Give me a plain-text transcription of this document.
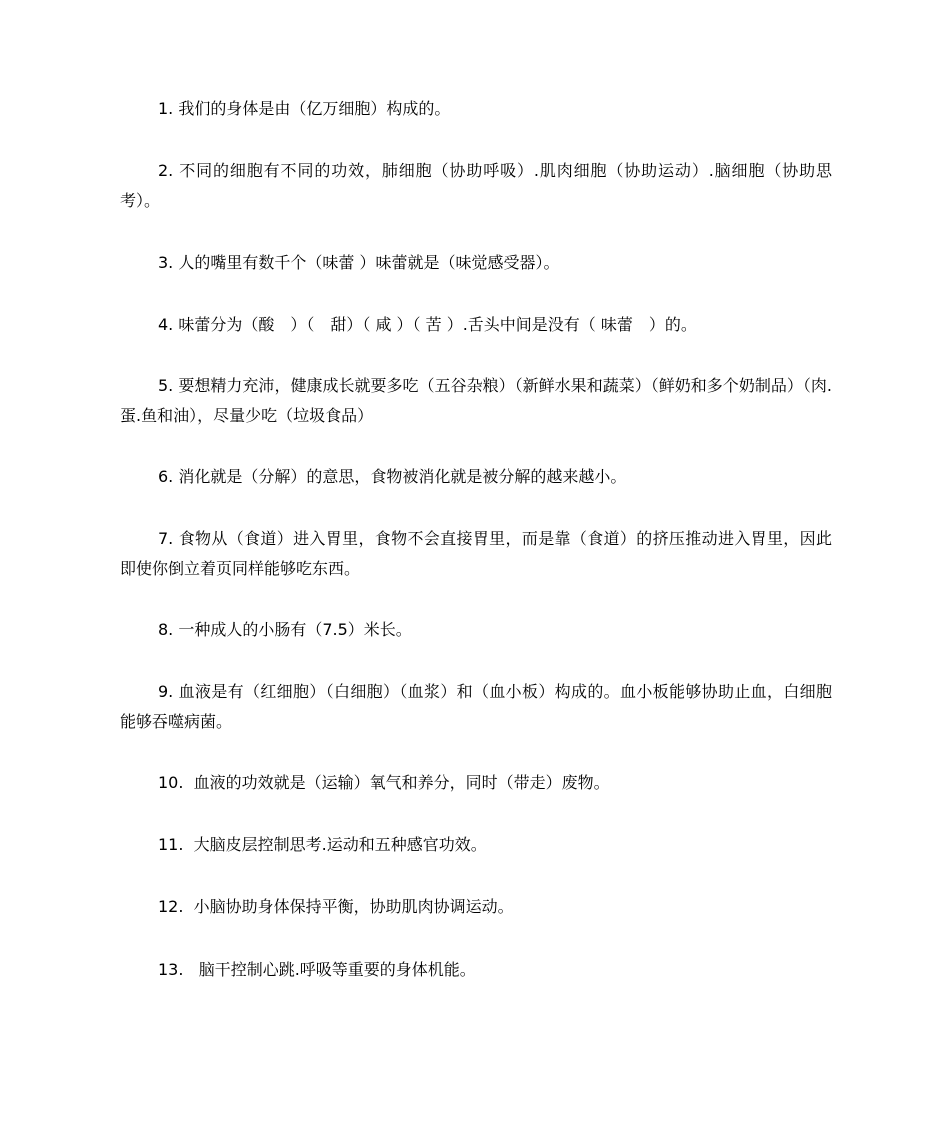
1. 我们的身体是由（亿万细胞）构成的。

2. 不同的细胞有不同的功效，肺细胞（协助呼吸）.肌肉细胞（协助运动）.脑细胞（协助思考）。

3. 人的嘴里有数千个（味蕾 ）味蕾就是（味觉感受器）。

4. 味蕾分为（酸　）（　甜）（ 咸 ）（ 苦 ）.舌头中间是没有（ 味蕾　）的。

5. 要想精力充沛，健康成长就要多吃（五谷杂粮）（新鲜水果和蔬菜）（鲜奶和多个奶制品）（肉.蛋.鱼和油），尽量少吃（垃圾食品）

6. 消化就是（分解）的意思，食物被消化就是被分解的越来越小。

7. 食物从（食道）进入胃里，食物不会直接胃里，而是靠（食道）的挤压推动进入胃里，因此即使你倒立着页同样能够吃东西。

8. 一种成人的小肠有（7.5）米长。

9. 血液是有（红细胞）（白细胞）（血浆）和（血小板）构成的。血小板能够协助止血，白细胞能够吞噬病菌。

10.  血液的功效就是（运输）氧气和养分，同时（带走）废物。

11.  大脑皮层控制思考.运动和五种感官功效。

12.  小脑协助身体保持平衡，协助肌肉协调运动。

13.   脑干控制心跳.呼吸等重要的身体机能。
